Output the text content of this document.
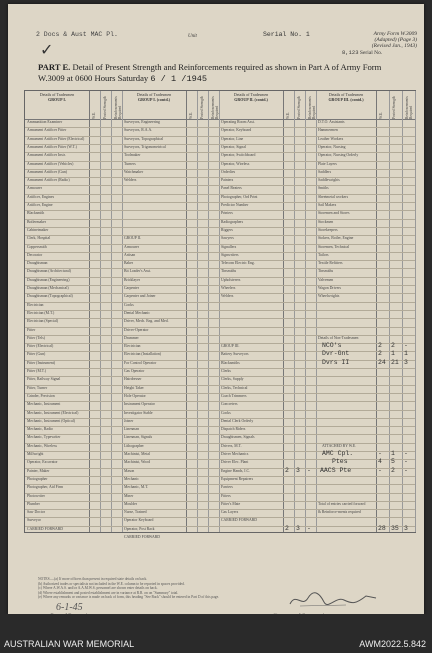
2 Docs & Aust MAC Pl.	Unit	Serial No. 1	Army Form W.3009
(Adapted) (Page 3)
(Revised Jan., 1943)
8,123 Serial No.
✓
PART E. Detail of Present Strength and Reinforcements required as shown in Part A of Army Form W.3009 at 0600 Hours Saturday 6 / 1 /1945
W.E. Posted Strength Reinforcements Required
Details of Tradesmen
GROUP I.
Ammunition Examiner
Armament Artificer Fitter
Armament Artificer Fitter (Electrical)
Armament Artificer Fitter (W.T.)
Armament Artificer Instr.
Armament Artificer (Vehicles)
Armament Artificer (Gun)
Armament Artificer (Radio)
Armourer
Artificer, Engines
Artificer, Engine
Blacksmith
Boilermaker
Cabinetmaker
Clerk, Hospital
Coppersmith
Decorator
Draughtsman
Draughtsman (Architectural)
Draughtsman (Engineering)
Draughtsman (Mechanical)
Draughtsman (Topographical)
Electrician
Electrician (M.T.)
Electrician (Special)
Fitter
Fitter (Tels)
Fitter (Electrical)
Fitter (Gun)
Fitter (Instrument)
Fitter (M.T.)
Fitter, Railway Signal
Fitter, Turner
Grinder, Precision
Mechanic, Instrument
Mechanic, Instrument (Electrical)
Mechanic, Instrument (Optical)
Mechanic, Radio
Mechanic, Typewriter
Mechanic, Wireless
Millwright
Operator, Excavator
Painter, Maker
Photographer
Photographer, Aid Firm
Photowriter
Plumber
Saw Doctor
Surveyor
CARRIED FORWARD
W.E. Posted Strength Reinforcements Required
Details of Tradesmen
GROUP I. (contd.)
Surveyors, Engineering
Surveyors, R.A.A.
Surveyors, Topographical
Surveyors, Trigonometrical
Toolmaker
Turners
Watchmaker
Welders
GROUP II.
Armourer
Artisan
Baker
Bit Loader's Asst.
Bricklayer
Carpenter
Carpenter and Joiner
Cooks
Dental Mechanic
Driver, Mech. Eng. and Med.
Driver-Operator
Drummer
Electrician
Electrician (Installation)
For Control Operator
Gas Operator
Hairdresser
Height Taker
Hole Operator
Instrument Operator
Investigator Stable
Joiner
Linesman
Linesman, Signals
Lithographer
Machinist, Metal
Machinist, Wood
Mason
Mechanic
Mechanic, M.T.
Miner
Moulder
Nurse, Trained
Operator Keyboard
Operator, Post Rack
CARRIED FORWARD
W.E. Posted Strength Reinforcements Required
Details of Tradesmen
GROUP II. (contd.)
Operating Room Asst.
Operator, Keyboard
Operator, Line
Operator, Signal
Operator, Switchboard
Operator, Wireless
Orderlies
Painters
Panel Beaters
Photographer, Ord Print
Predictor Number
Printers
Radiographers
Riggers
Sawyers
Signallers
Signwriters
Telecom Electric Eng.
Tinsmiths
Upholsterers
Wheelers
Welders
GROUP III.
Battery Surveyors
Blacksmiths
Clerks
Clerks, Supply
Clerks, Technical
Coach Trimmers
Concreters
Cooks
Dental Clerk Orderly
Dispatch Riders
Draughtsmen, Signals
Drivers, M.T.
Driver Mechanics
Driver Elec. Plant
Engine Hands, I.C.
Equipment Repairers
Farriers
Fitters
Fitter's Mate
Gas Layers
CARRIED FORWARD
W.E.	Posted Strength	Reinforcements Required
Details of Tradesmen
GROUP III. (contd.)
D.T.O. Assistants
Hammermen
Leather Workers
Operator, Nursing
Operator, Nursing Orderly
Plate Layers
Saddlers
Saddlewrights
Smiths
Sheetmetal workers
Sail Makers
Storemen and Stores
Stockmen
Storekeepers
Stokers, Boiler, Engine
Storemen, Technical
Tailors
Textile Refitters
Tinsmiths
Valvemen
Wagon Drivers
Wheelwrights
Details of Non-Tradesmen
Total of entries carried forward
& Reinforce-ments required
ATTACHED BY W.E.
NCO's	2 2 -
Dvr-Gnt	2 1 1
Dvrs II	24 21 3
AMC Cpl.	- 1 -
Ptes	4 5 -
AACS Pte	- 2 -
2 3 -
2 3 -	28 35 3
NOTES.—(a) If more officers than present in required state details on back.
(b) Authorized trades or specialists not included in the W.E. column to be reported in spaces provided.
(c) Where A.W.A.S. and/or A.A.M.W.S. personnel are shown enter details on back.
(d) Where establishment and posted establishment are in variance at R.R. on on "Summary" total.
(e) Where any remarks or variance is made on back of form, this heading "See Back" should be entered in Part D of this page.
6-1-45
AUSTRALIAN WAR MEMORIAL	AWM2022.5.842
